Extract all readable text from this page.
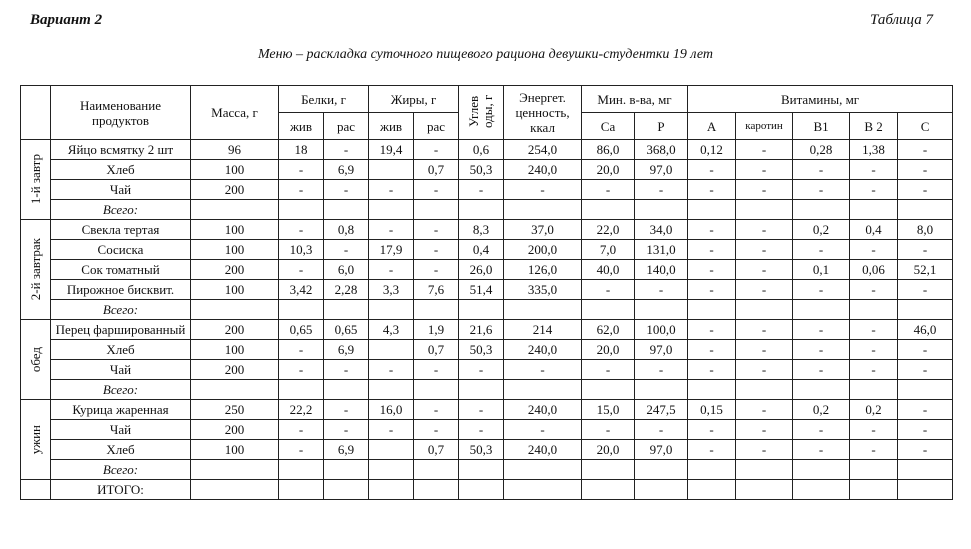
Вариант 2	Таблица 7
Меню – раскладка суточного пищевого рациона девушки-студентки 19 лет
	Наименование продуктов	Масса, г	Белки, г		Жиры, г		Углев оды, г	Энергет. ценность, ккал	Мин. в-ва, мг		Витамины, мг				
			жив	рас	жив	рас			Ca	P	A	каротин	B1	B 2	C

1-й завтр	Яйцо всмятку 2 шт	96	18	-	19,4	-	0,6	254,0	86,0	368,0	0,12	-	0,28	1,38	-
	Хлеб	100	-	6,9		0,7	50,3	240,0	20,0	97,0	-	-	-	-	-
	Чай	200	-	-	-	-	-	-	-	-	-	-	-	-	-
	Всего:														

2-й завтрак	Свекла тертая	100	-	0,8	-	-	8,3	37,0	22,0	34,0	-	-	0,2	0,4	8,0
	Сосиска	100	10,3	-	17,9	-	0,4	200,0	7,0	131,0	-	-	-	-	-
	Сок томатный	200	-	6,0	-	-	26,0	126,0	40,0	140,0	-	-	0,1	0,06	52,1
	Пирожное бисквит.	100	3,42	2,28	3,3	7,6	51,4	335,0	-	-	-	-	-	-	-
	Всего:														

обед	Перец фаршированный	200	0,65	0,65	4,3	1,9	21,6	214	62,0	100,0	-	-	-	-	46,0
	Хлеб	100	-	6,9		0,7	50,3	240,0	20,0	97,0	-	-	-	-	-
	Чай	200	-	-	-	-	-	-	-	-	-	-	-	-	-
	Всего:														

ужин	Курица жаренная	250	22,2	-	16,0	-	-	240,0	15,0	247,5	0,15	-	0,2	0,2	-
	Чай	200	-	-	-	-	-	-	-	-	-	-	-	-	-
	Хлеб	100	-	6,9		0,7	50,3	240,0	20,0	97,0	-	-	-	-	-
	Всего:														
	ИТОГО:														
